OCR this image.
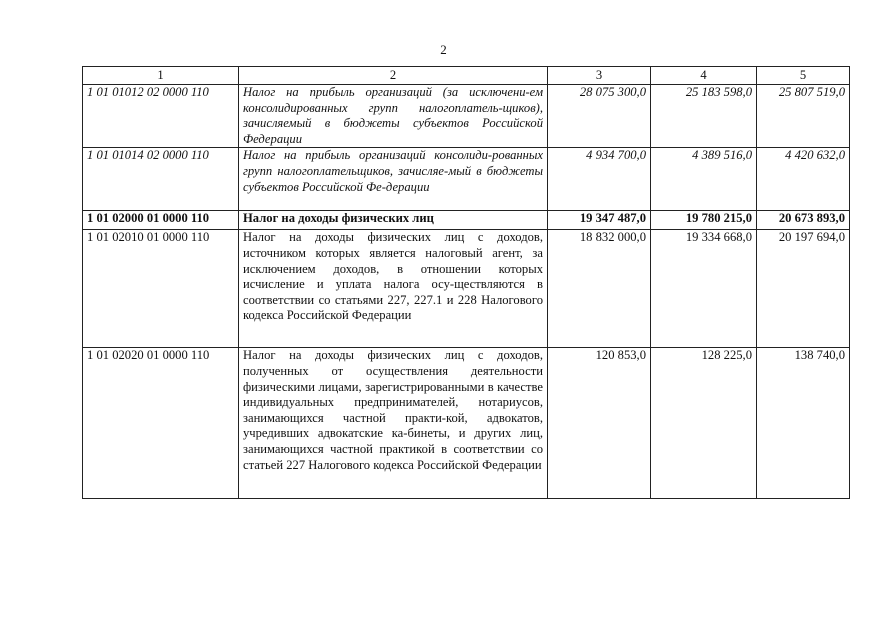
2
1	2	3	4	5
1 01 01012 02 0000 110	Налог на прибыль организаций (за исключени-ем консолидированных групп налогоплатель-щиков), зачисляемый в бюджеты субъектов Российской Федерации	28 075 300,0	25 183 598,0	25 807 519,0
1 01 01014 02 0000 110	Налог на прибыль организаций консолиди-рованных групп налогоплательщиков, зачисляе-мый в бюджеты субъектов Российской Фе-дерации	4 934 700,0	4 389 516,0	4 420 632,0
1 01 02000 01 0000 110	Налог на доходы физических лиц	19 347 487,0	19 780 215,0	20 673 893,0
1 01 02010 01 0000 110	Налог на доходы физических лиц с доходов, источником которых является налоговый агент, за исключением доходов, в отношении которых исчисление и уплата налога осу-ществляются в соответствии со статьями 227, 227.1 и 228 Налогового кодекса Российской Федерации	18 832 000,0	19 334 668,0	20 197 694,0
1 01 02020 01 0000 110	Налог на доходы физических лиц с доходов, полученных от осуществления деятельности физическими лицами, зарегистрированными в качестве индивидуальных предпринимателей, нотариусов, занимающихся частной практи-кой, адвокатов, учредивших адвокатские ка-бинеты, и других лиц, занимающихся частной практикой в соответствии со статьей 227 Налогового кодекса Российской Федерации	120 853,0	128 225,0	138 740,0
